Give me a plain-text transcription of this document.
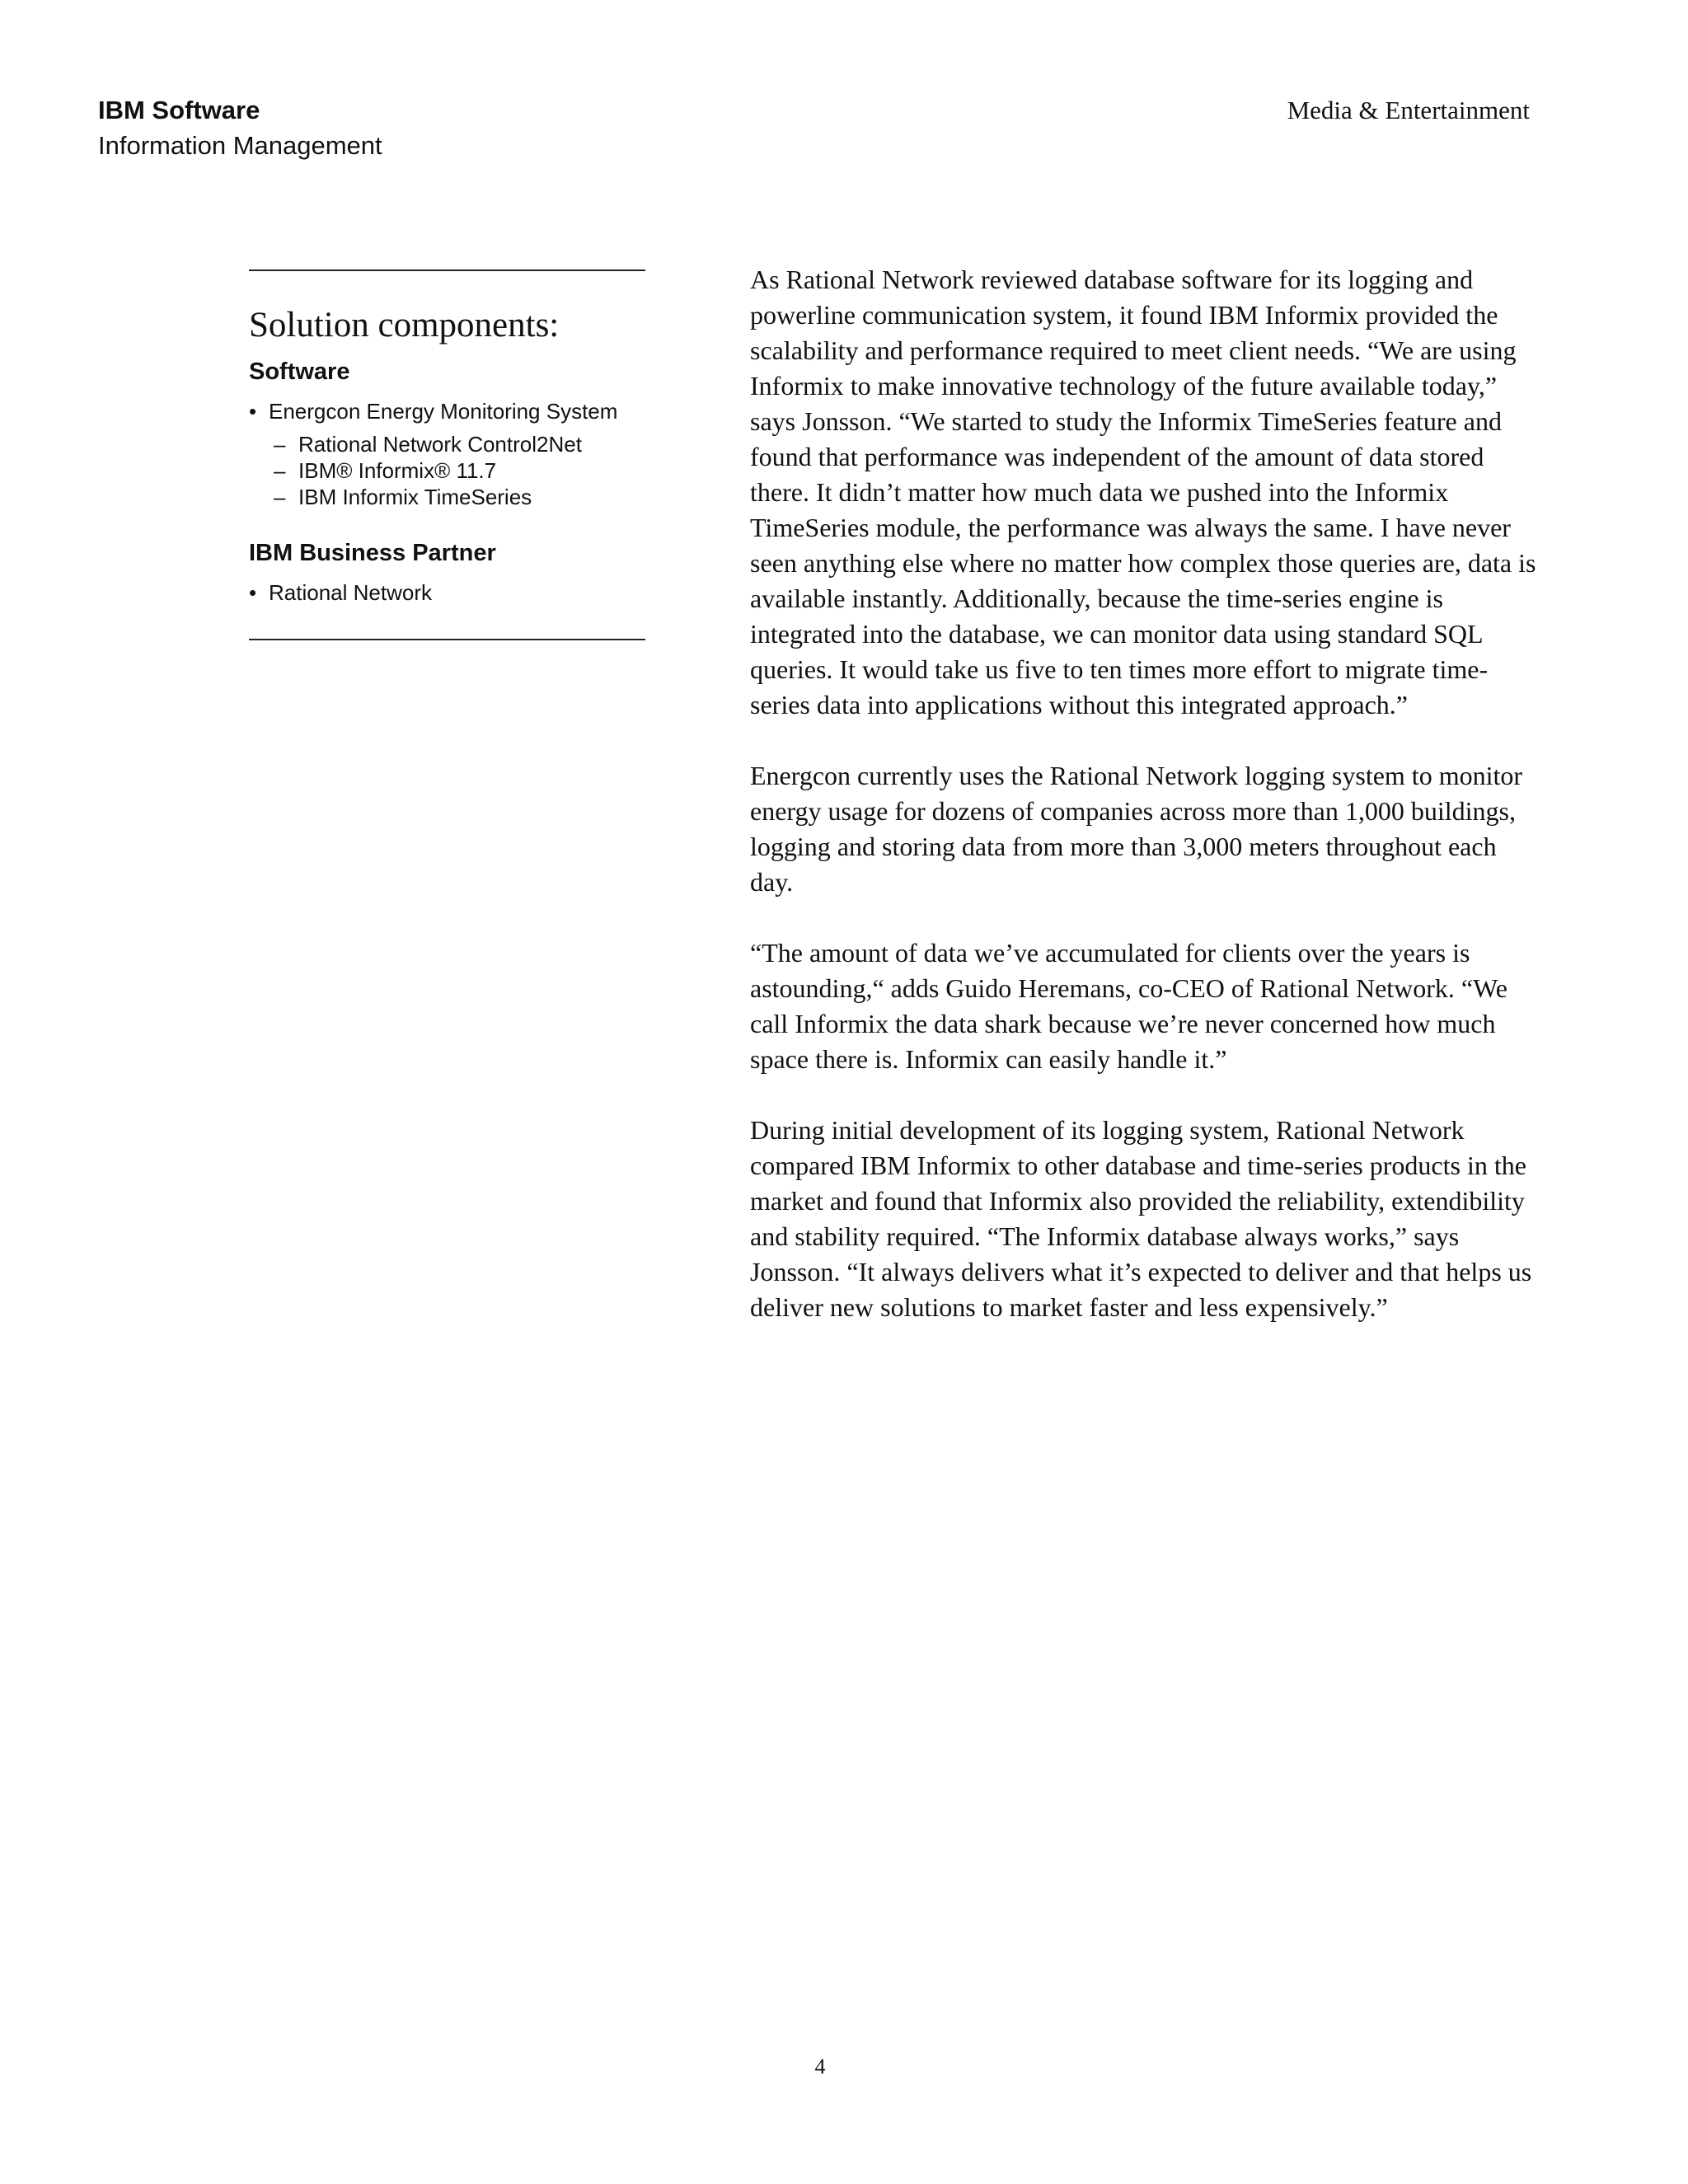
IBM Software
Information Management
Media & Entertainment
Solution components:
Software
• Energcon Energy Monitoring System
– Rational Network Control2Net
– IBM® Informix® 11.7
– IBM Informix TimeSeries
IBM Business Partner
• Rational Network

As Rational Network reviewed database software for its logging and powerline communication system, it found IBM Informix provided the scalability and performance required to meet client needs. “We are using Informix to make innovative technology of the future available today,” says Jonsson. “We started to study the Informix TimeSeries feature and found that performance was independent of the amount of data stored there. It didn’t matter how much data we pushed into the Informix TimeSeries module, the performance was always the same. I have never seen anything else where no matter how complex those queries are, data is available instantly. Additionally, because the time-series engine is integrated into the database, we can monitor data using standard SQL queries. It would take us five to ten times more effort to migrate time-series data into applications without this integrated approach.”

Energcon currently uses the Rational Network logging system to monitor energy usage for dozens of companies across more than 1,000 buildings, logging and storing data from more than 3,000 meters throughout each day.

“The amount of data we’ve accumulated for clients over the years is astounding,“ adds Guido Heremans, co-CEO of Rational Network. “We call Informix the data shark because we’re never concerned how much space there is. Informix can easily handle it.”

During initial development of its logging system, Rational Network compared IBM Informix to other database and time-series products in the market and found that Informix also provided the reliability, extendibility and stability required. “The Informix database always works,” says Jonsson. “It always delivers what it’s expected to deliver and that helps us deliver new solutions to market faster and less expensively.”

4
